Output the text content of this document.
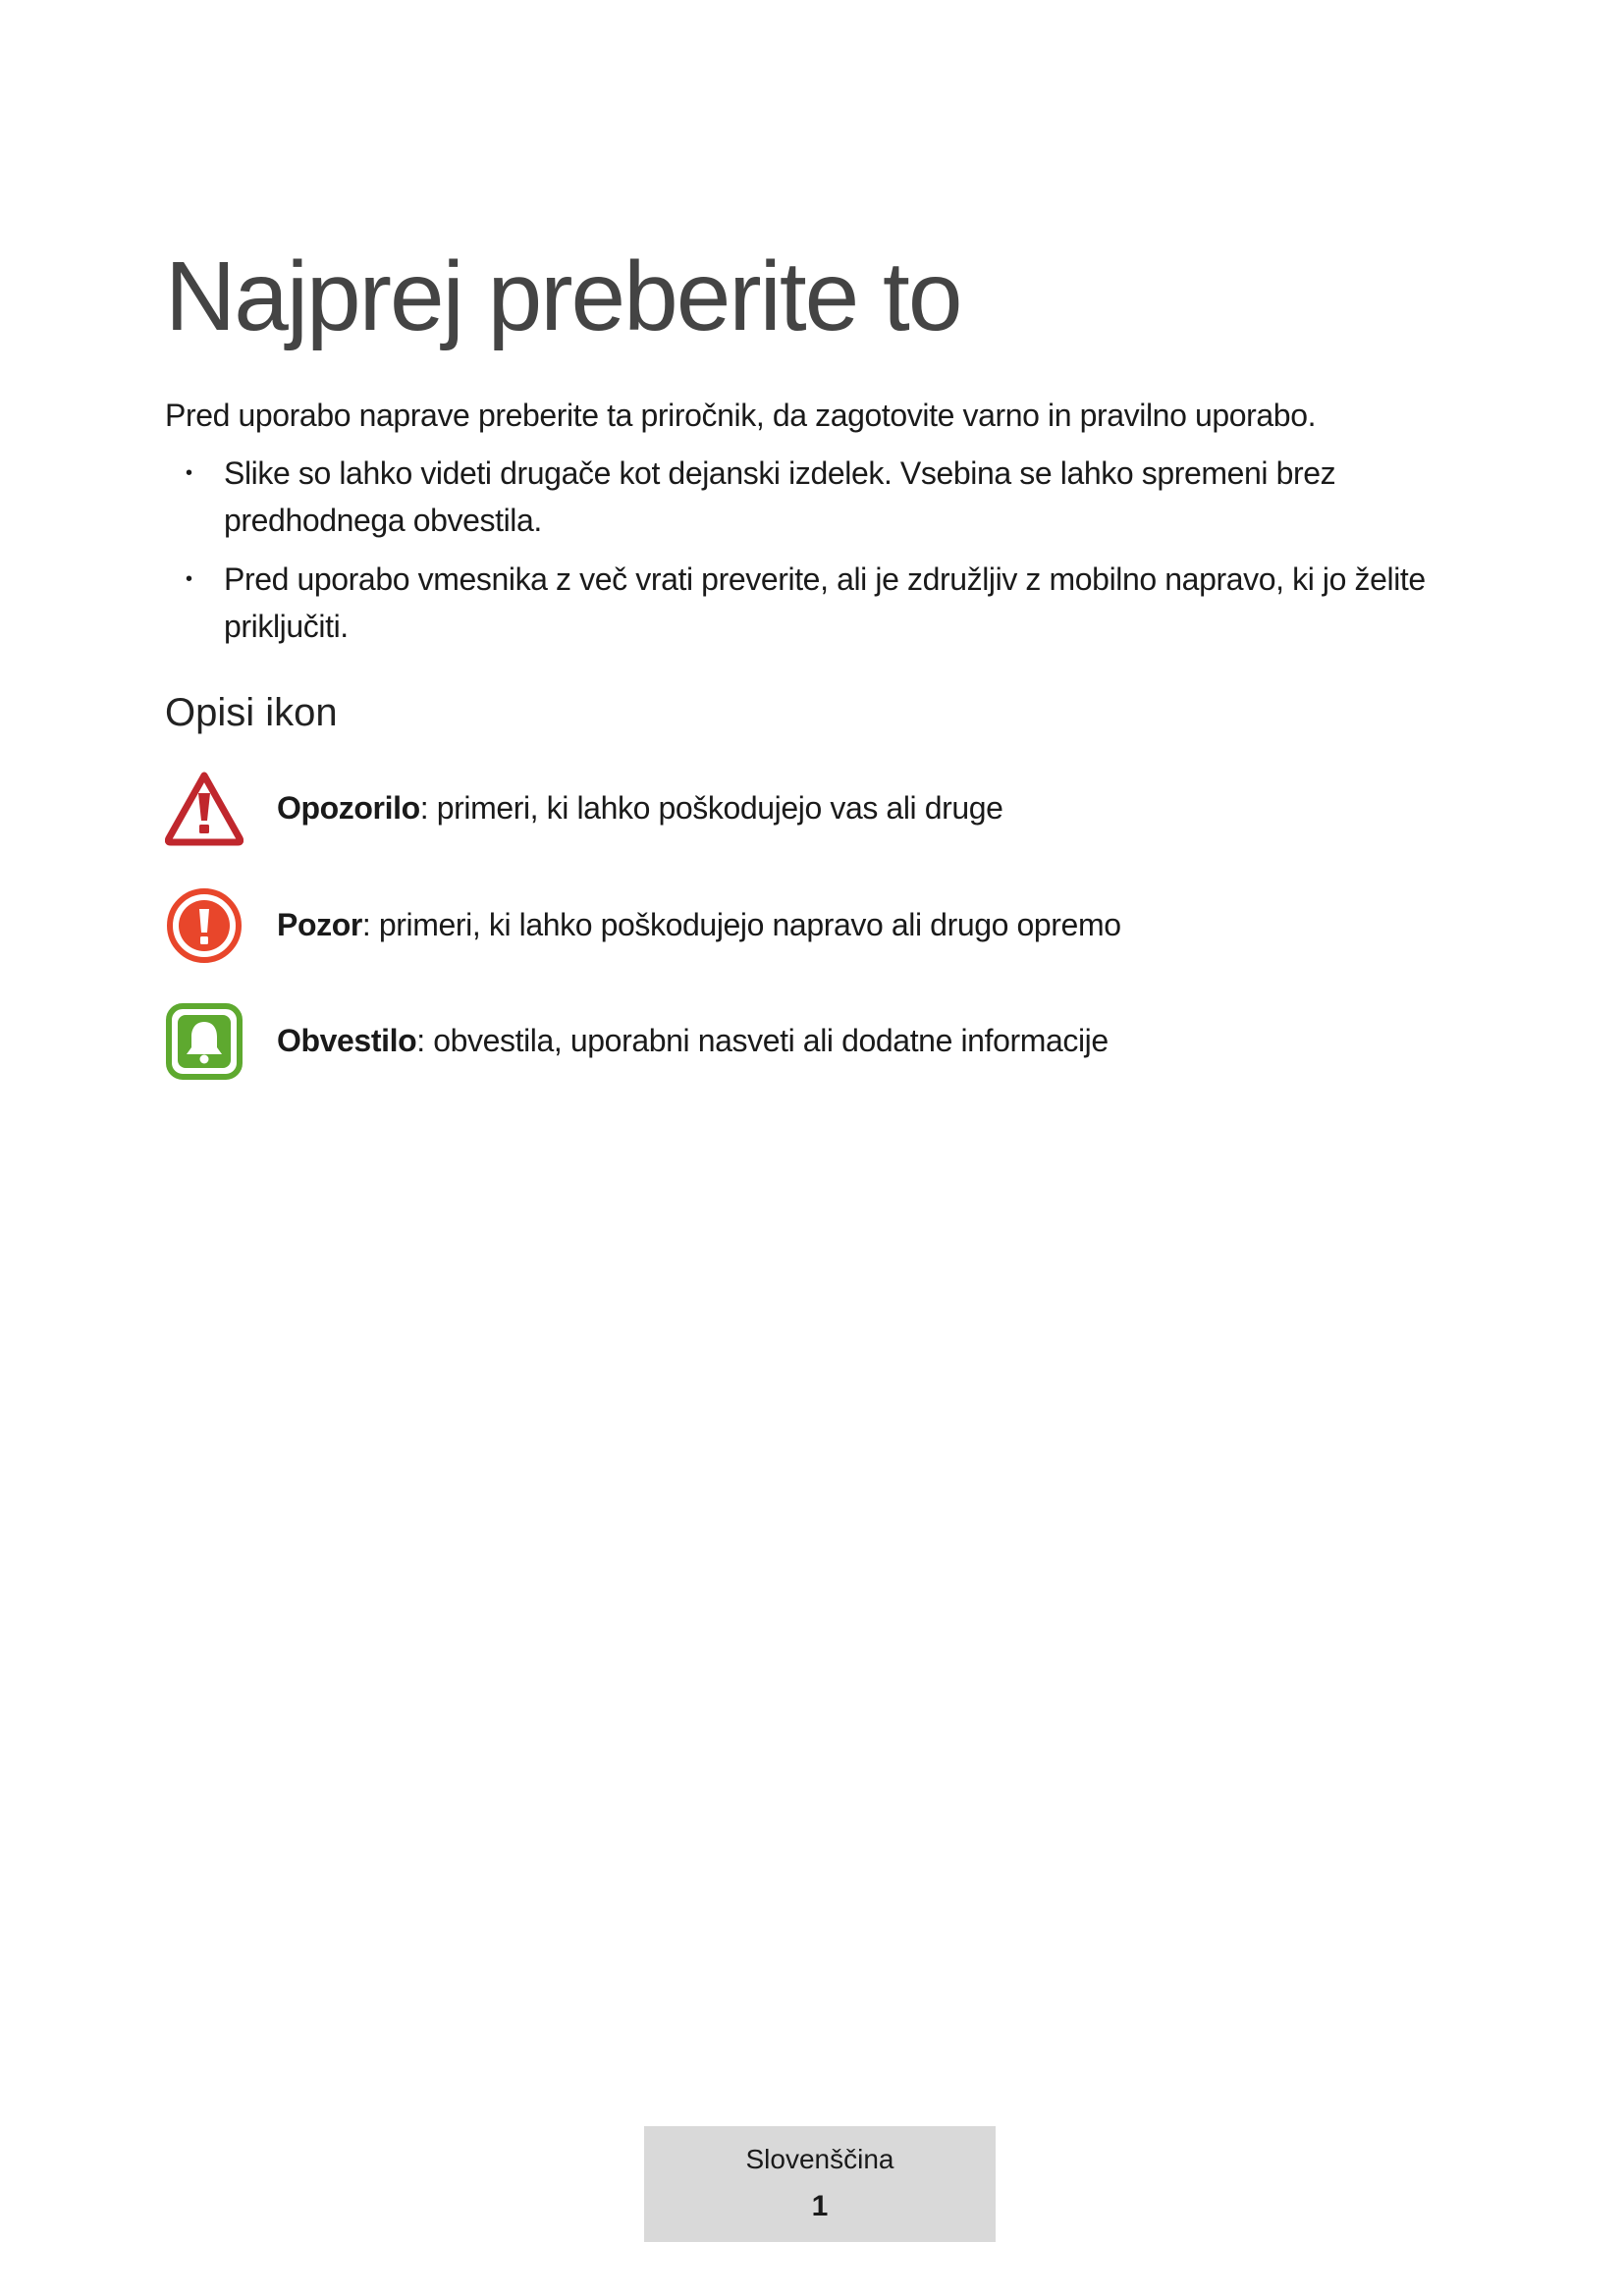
Najprej preberite to

Pred uporabo naprave preberite ta priročnik, da zagotovite varno in pravilno uporabo.

• Slike so lahko videti drugače kot dejanski izdelek. Vsebina se lahko spremeni brez predhodnega obvestila.
• Pred uporabo vmesnika z več vrati preverite, ali je združljiv z mobilno napravo, ki jo želite priključiti.
Opisi ikon
Opozorilo: primeri, ki lahko poškodujejo vas ali druge
Pozor: primeri, ki lahko poškodujejo napravo ali drugo opremo
Obvestilo: obvestila, uporabni nasveti ali dodatne informacije
Slovenščina
1
